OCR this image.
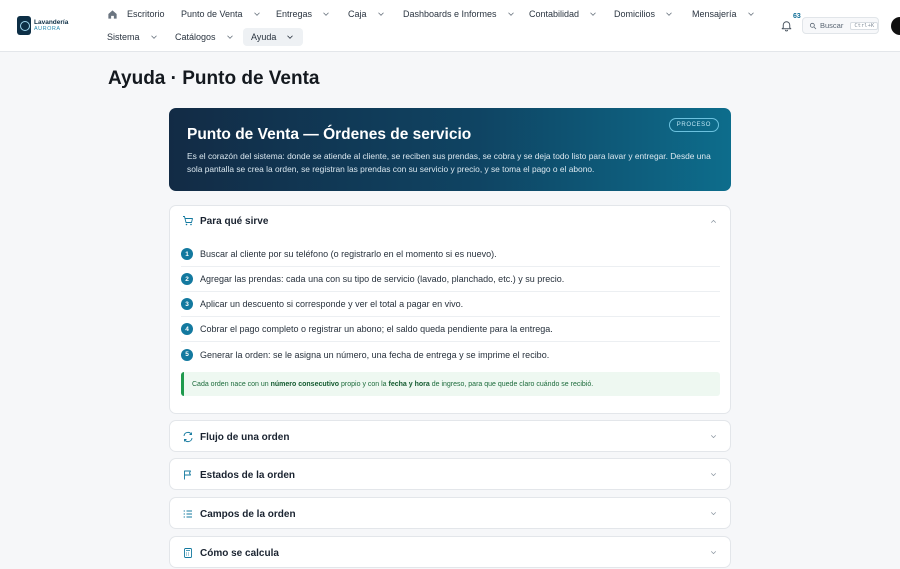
Lavandería
AURORA
Escritorio Punto de Venta	Entregas	Caja	Dashboards e Informes	Contabilidad	Domicilios	Mensajería
Sistema	Catálogos	Ayuda
63
Buscar	Ctrl+K
Ayuda · Punto de Venta
Punto de Venta — Órdenes de servicio
PROCESO
Es el corazón del sistema: donde se atiende al cliente, se reciben sus prendas, se cobra y se deja todo listo para lavar y entregar. Desde una sola pantalla se crea la orden, se registran las prendas con su servicio y precio, y se toma el pago o el abono.
Para qué sirve
1	Buscar al cliente por su teléfono (o registrarlo en el momento si es nuevo).
2	Agregar las prendas: cada una con su tipo de servicio (lavado, planchado, etc.) y su precio.
3	Aplicar un descuento si corresponde y ver el total a pagar en vivo.
4	Cobrar el pago completo o registrar un abono; el saldo queda pendiente para la entrega.
5	Generar la orden: se le asigna un número, una fecha de entrega y se imprime el recibo.
Cada orden nace con un número consecutivo propio y con la fecha y hora de ingreso, para que quede claro cuándo se recibió.
Flujo de una orden
Estados de la orden
Campos de la orden
Cómo se calcula
